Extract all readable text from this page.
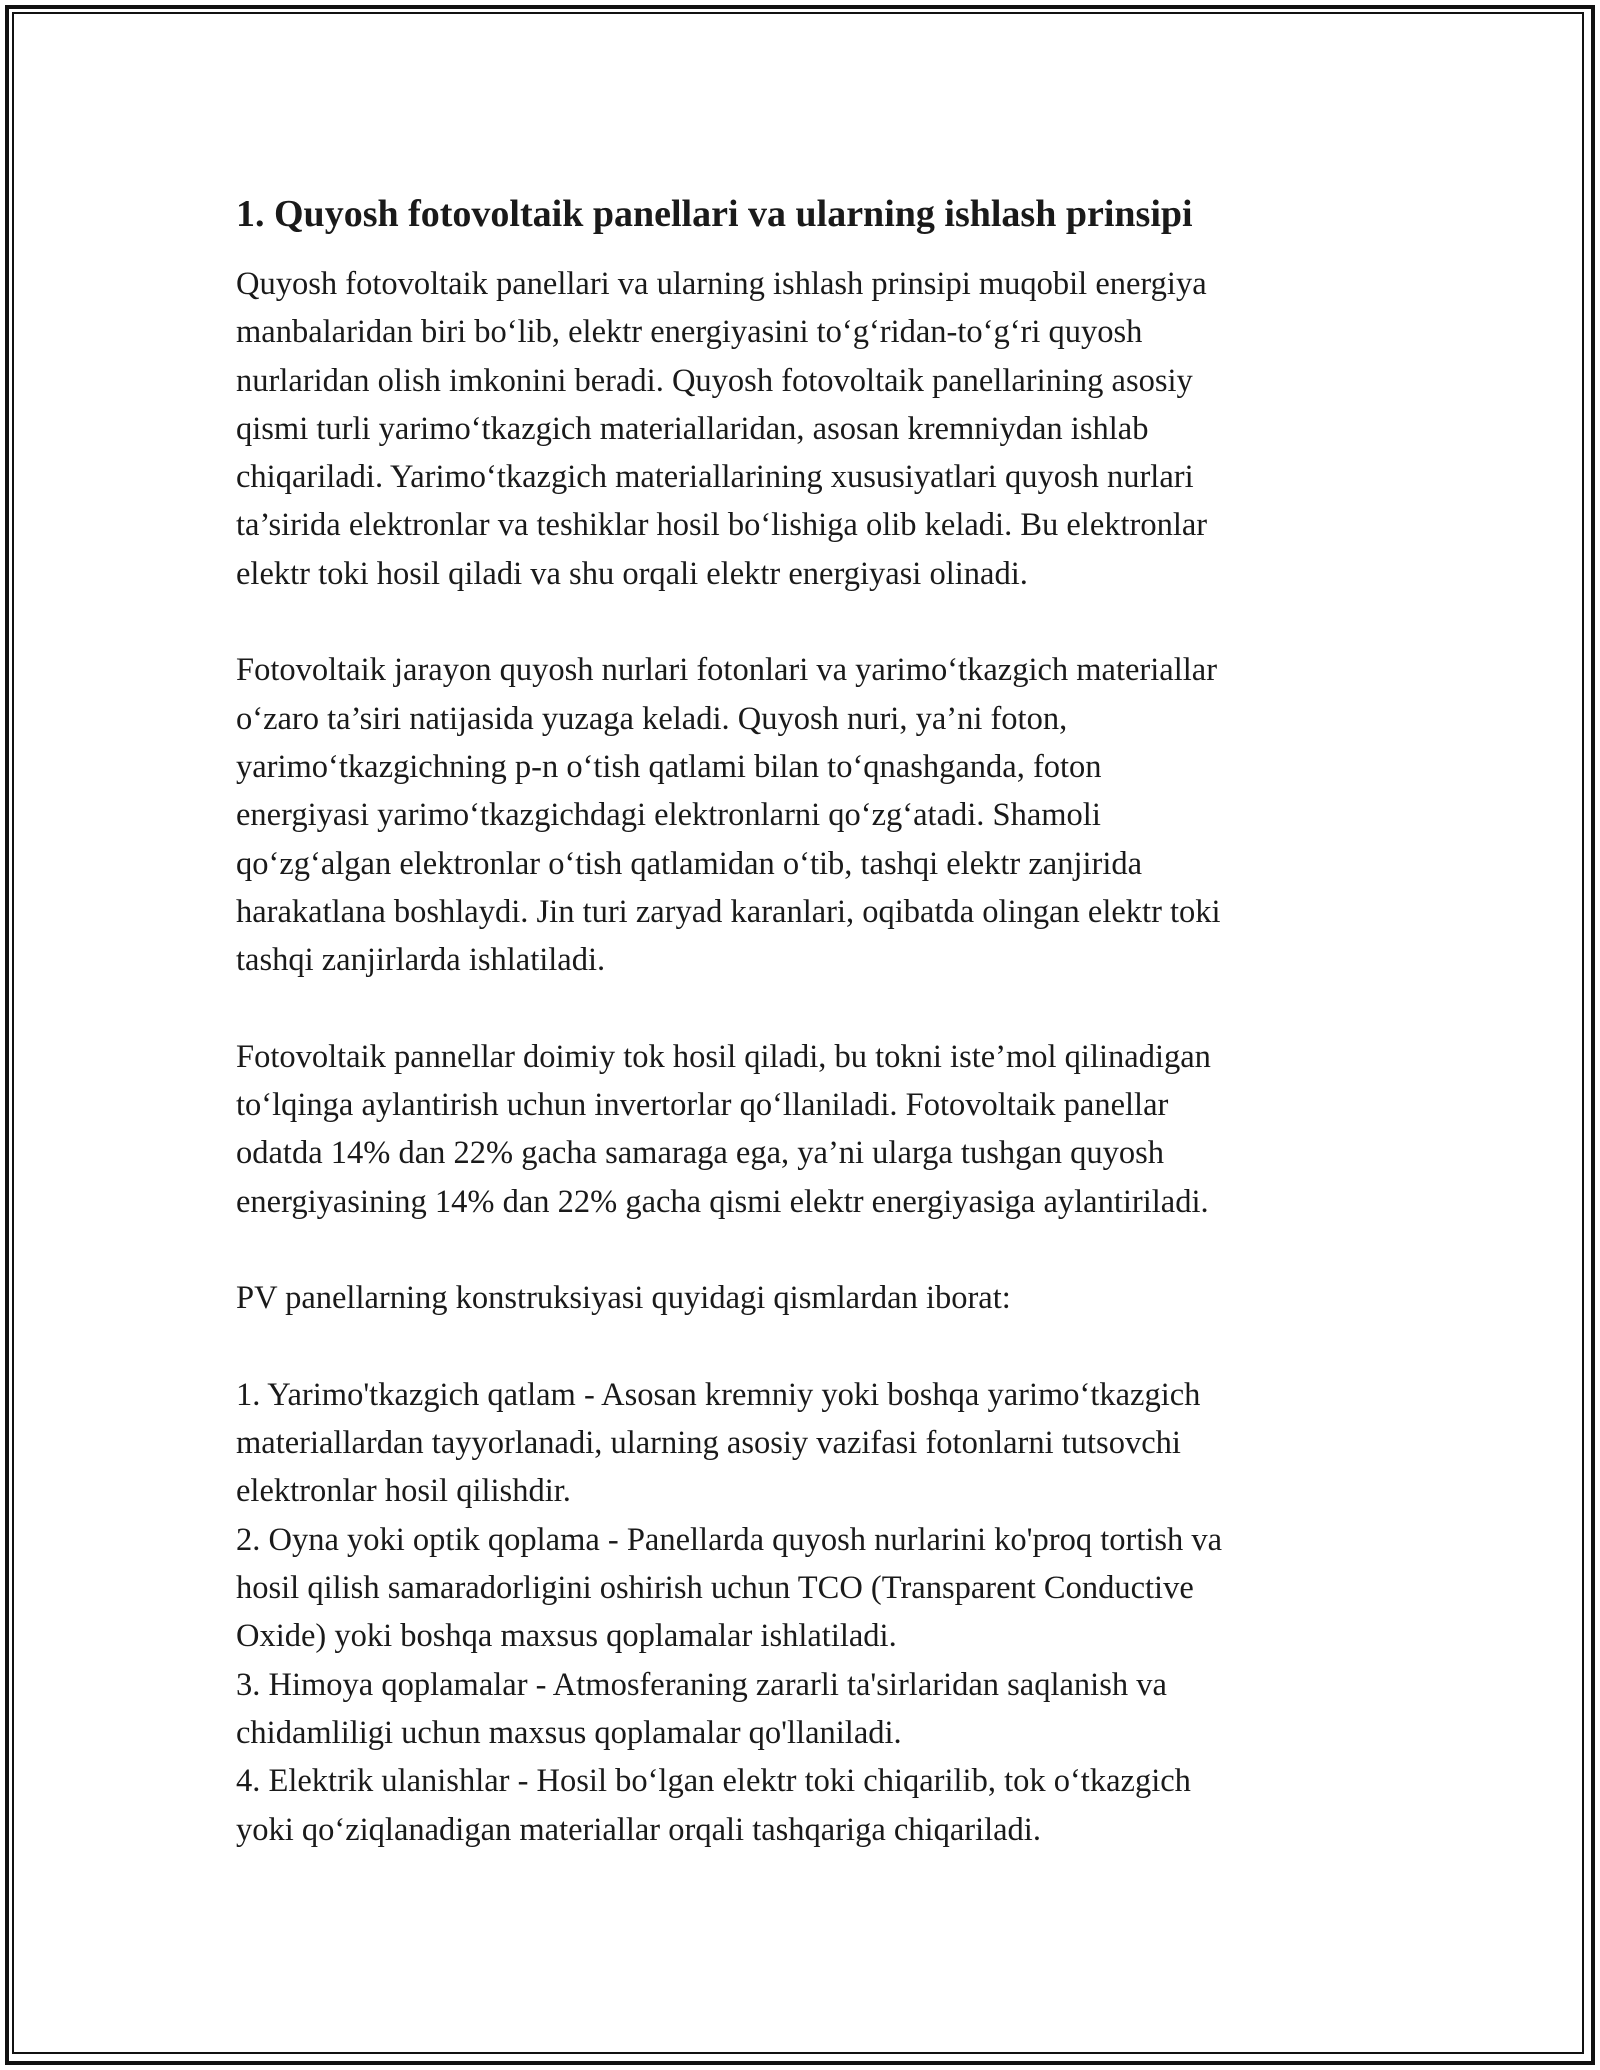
1. Quyosh fotovoltaik panellari va ularning ishlash prinsipi
Quyosh fotovoltaik panellari va ularning ishlash prinsipi muqobil energiya
manbalaridan biri bo‘lib, elektr energiyasini to‘g‘ridan-to‘g‘ri quyosh
nurlaridan olish imkonini beradi. Quyosh fotovoltaik panellarining asosiy
qismi turli yarimo‘tkazgich materiallaridan, asosan kremniydan ishlab
chiqariladi. Yarimo‘tkazgich materiallarining xususiyatlari quyosh nurlari
ta’sirida elektronlar va teshiklar hosil bo‘lishiga olib keladi. Bu elektronlar
elektr toki hosil qiladi va shu orqali elektr energiyasi olinadi.
Fotovoltaik jarayon quyosh nurlari fotonlari va yarimo‘tkazgich materiallar
o‘zaro ta’siri natijasida yuzaga keladi. Quyosh nuri, ya’ni foton,
yarimo‘tkazgichning p-n o‘tish qatlami bilan to‘qnashganda, foton
energiyasi yarimo‘tkazgichdagi elektronlarni qo‘zg‘atadi. Shamoli
qo‘zg‘algan elektronlar o‘tish qatlamidan o‘tib, tashqi elektr zanjirida
harakatlana boshlaydi. Jin turi zaryad karanlari, oqibatda olingan elektr toki
tashqi zanjirlarda ishlatiladi.
Fotovoltaik pannellar doimiy tok hosil qiladi, bu tokni iste’mol qilinadigan
to‘lqinga aylantirish uchun invertorlar qo‘llaniladi. Fotovoltaik panellar
odatda 14% dan 22% gacha samaraga ega, ya’ni ularga tushgan quyosh
energiyasining 14% dan 22% gacha qismi elektr energiyasiga aylantiriladi.
PV panellarning konstruksiyasi quyidagi qismlardan iborat:
1. Yarimo'tkazgich qatlam - Asosan kremniy yoki boshqa yarimo‘tkazgich
materiallardan tayyorlanadi, ularning asosiy vazifasi fotonlarni tutsovchi
elektronlar hosil qilishdir.
2. Oyna yoki optik qoplama - Panellarda quyosh nurlarini ko'proq tortish va
hosil qilish samaradorligini oshirish uchun TCO (Transparent Conductive
Oxide) yoki boshqa maxsus qoplamalar ishlatiladi.
3. Himoya qoplamalar - Atmosferaning zararli ta'sirlaridan saqlanish va
chidamliligi uchun maxsus qoplamalar qo'llaniladi.
4. Elektrik ulanishlar - Hosil bo‘lgan elektr toki chiqarilib, tok o‘tkazgich
yoki qo‘ziqlanadigan materiallar orqali tashqariga chiqariladi.
